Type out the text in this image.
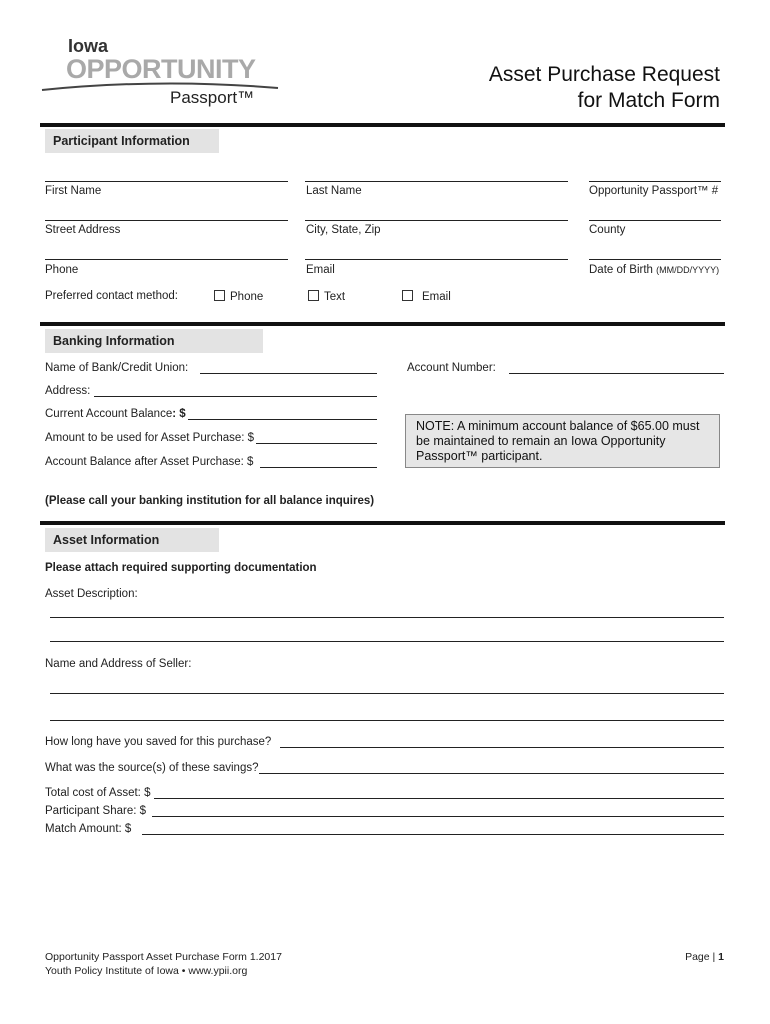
Iowa
OPPORTUNITY
Passport™
Asset Purchase Request
for Match Form
Participant Information
First Name	Last Name	Opportunity Passport™ #
Street Address	City, State, Zip	County
Phone	Email	Date of Birth (MM/DD/YYYY)
Preferred contact method:	Phone	Text	Email
Banking Information
Name of Bank/Credit Union:	Account Number:
Address:
Current Account Balance: $
Amount to be used for Asset Purchase: $
Account Balance after Asset Purchase: $
NOTE: A minimum account balance of $65.00 must be maintained to remain an Iowa Opportunity Passport™ participant.
(Please call your banking institution for all balance inquires)
Asset Information
Please attach required supporting documentation
Asset Description:
Name and Address of Seller:
How long have you saved for this purchase?
What was the source(s) of these savings?
Total cost of Asset: $
Participant Share: $
Match Amount: $
Opportunity Passport Asset Purchase Form 1.2017
Youth Policy Institute of Iowa • www.ypii.org
Page | 1
